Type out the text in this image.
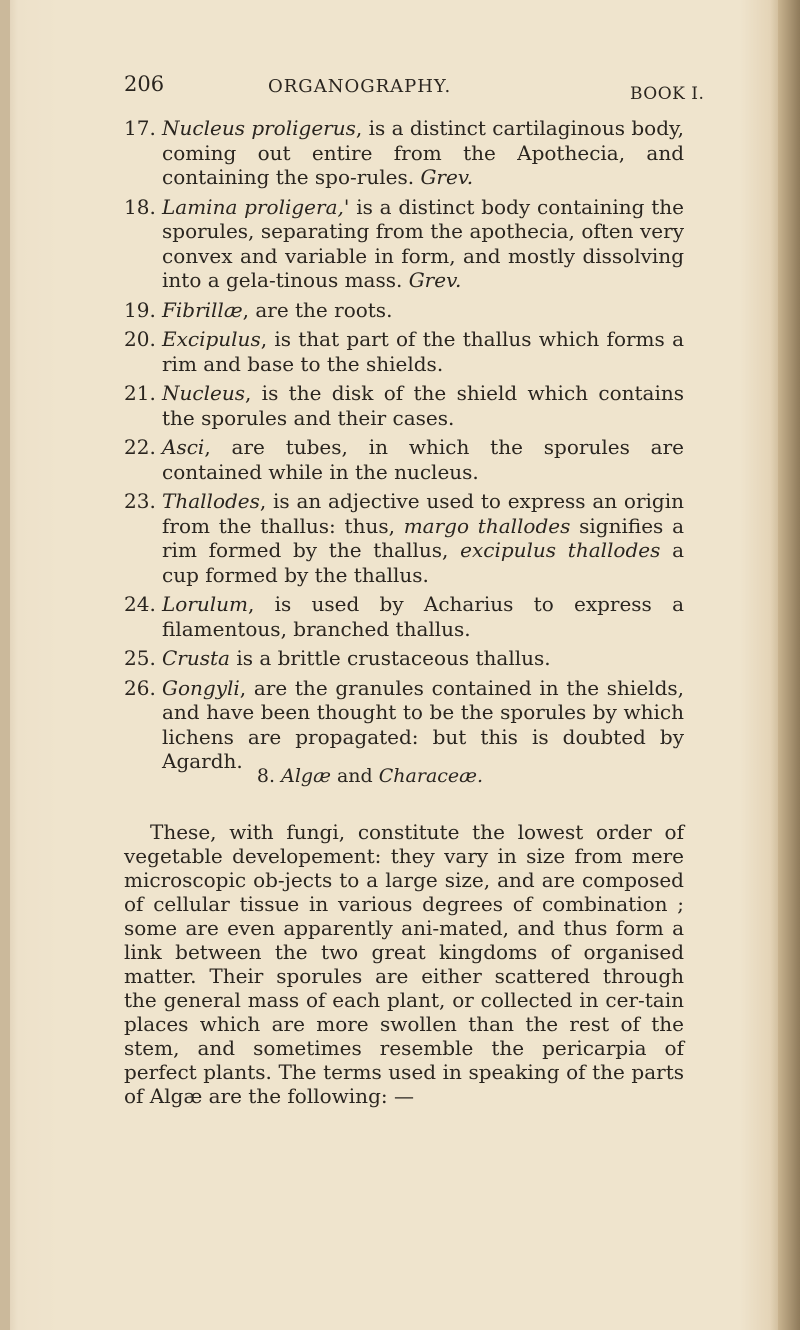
206	ORGANOGRAPHY.	BOOK I.
17. Nucleus proligerus, is a distinct cartilaginous body, coming out entire from the Apothecia, and containing the spo-rules. Grev.
18. Lamina proligera,' is a distinct body containing the sporules, separating from the apothecia, often very convex and variable in form, and mostly dissolving into a gela-tinous mass. Grev.
19. Fibrillæ, are the roots.
20. Excipulus, is that part of the thallus which forms a rim and base to the shields.
21. Nucleus, is the disk of the shield which contains the sporules and their cases.
22. Asci, are tubes, in which the sporules are contained while in the nucleus.
23. Thallodes, is an adjective used to express an origin from the thallus: thus, margo thallodes signifies a rim formed by the thallus, excipulus thallodes a cup formed by the thallus.
24. Lorulum, is used by Acharius to express a filamentous, branched thallus.
25. Crusta is a brittle crustaceous thallus.
26. Gongyli, are the granules contained in the shields, and have been thought to be the sporules by which lichens are propagated: but this is doubted by Agardh.
8. Algæ and Characeæ.
These, with fungi, constitute the lowest order of vegetable developement: they vary in size from mere microscopic ob-jects to a large size, and are composed of cellular tissue in various degrees of combination ; some are even apparently ani-mated, and thus form a link between the two great kingdoms of organised matter. Their sporules are either scattered through the general mass of each plant, or collected in cer-tain places which are more swollen than the rest of the stem, and sometimes resemble the pericarpia of perfect plants. The terms used in speaking of the parts of Algæ are the following: —
